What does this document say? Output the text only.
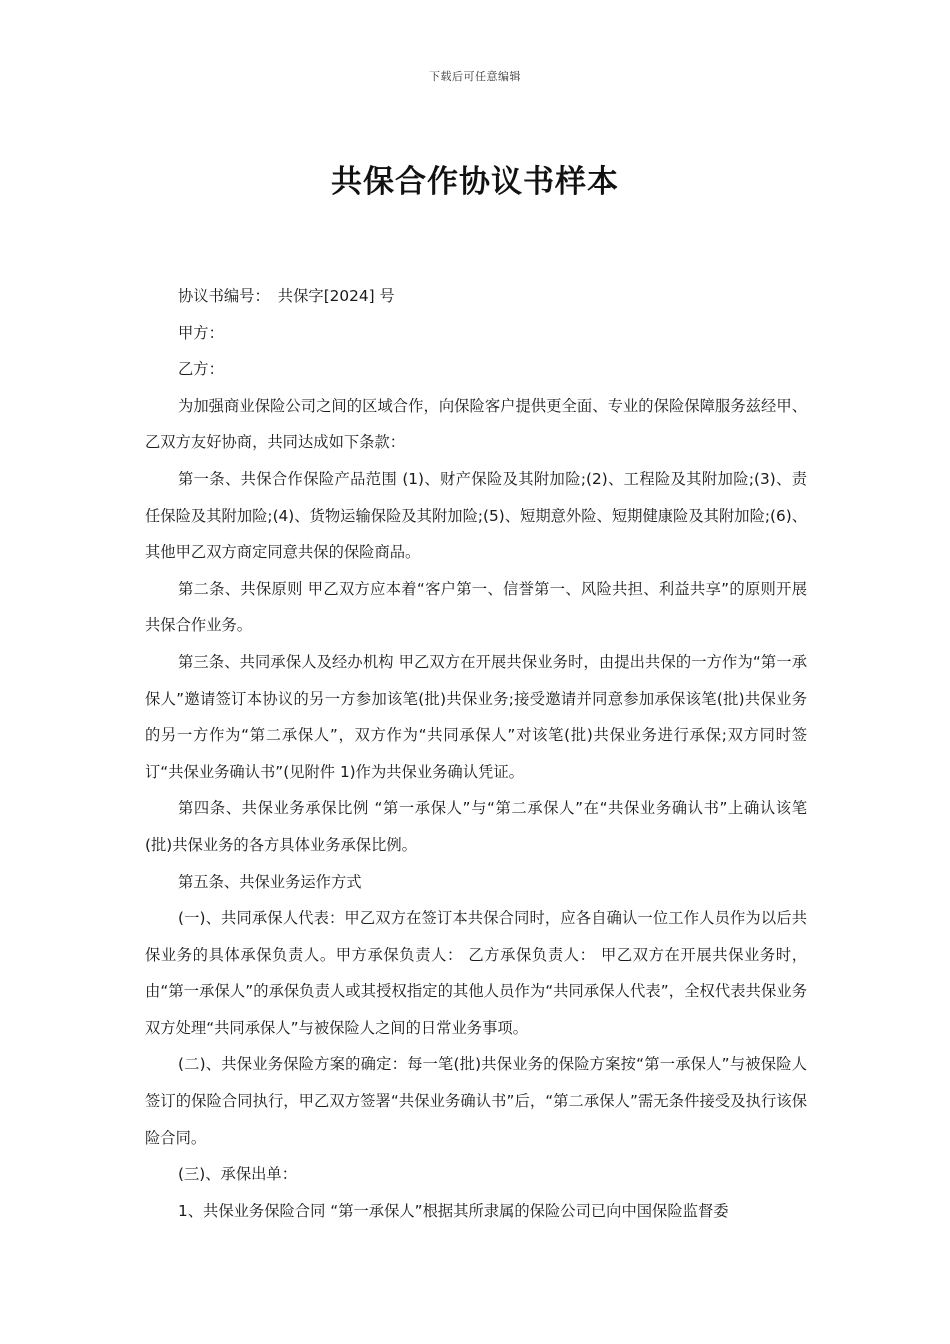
下载后可任意编辑
共保合作协议书样本
协议书编号： 共保字[2024] 号
甲方：
乙方：

为加强商业保险公司之间的区域合作，向保险客户提供更全面、专业的保险保障服务兹经甲、乙双方友好协商，共同达成如下条款：

第一条、共保合作保险产品范围 (1)、财产保险及其附加险;(2)、工程险及其附加险;(3)、责任保险及其附加险;(4)、货物运输保险及其附加险;(5)、短期意外险、短期健康险及其附加险;(6)、其他甲乙双方商定同意共保的保险商品。

第二条、共保原则 甲乙双方应本着“客户第一、信誉第一、风险共担、利益共享”的原则开展共保合作业务。

第三条、共同承保人及经办机构 甲乙双方在开展共保业务时，由提出共保的一方作为“第一承保人”邀请签订本协议的另一方参加该笔(批)共保业务;接受邀请并同意参加承保该笔(批)共保业务的另一方作为“第二承保人”，双方作为“共同承保人”对该笔(批)共保业务进行承保;双方同时签订“共保业务确认书”(见附件 1)作为共保业务确认凭证。

第四条、共保业务承保比例 “第一承保人”与“第二承保人”在“共保业务确认书”上确认该笔(批)共保业务的各方具体业务承保比例。

第五条、共保业务运作方式

(一)、共同承保人代表：甲乙双方在签订本共保合同时，应各自确认一位工作人员作为以后共保业务的具体承保负责人。甲方承保负责人： 乙方承保负责人： 甲乙双方在开展共保业务时，由“第一承保人”的承保负责人或其授权指定的其他人员作为“共同承保人代表”，全权代表共保业务双方处理“共同承保人”与被保险人之间的日常业务事项。

(二)、共保业务保险方案的确定：每一笔(批)共保业务的保险方案按“第一承保人”与被保险人签订的保险合同执行，甲乙双方签署“共保业务确认书”后，“第二承保人”需无条件接受及执行该保险合同。

(三)、承保出单：

1、共保业务保险合同 “第一承保人”根据其所隶属的保险公司已向中国保险监督委
